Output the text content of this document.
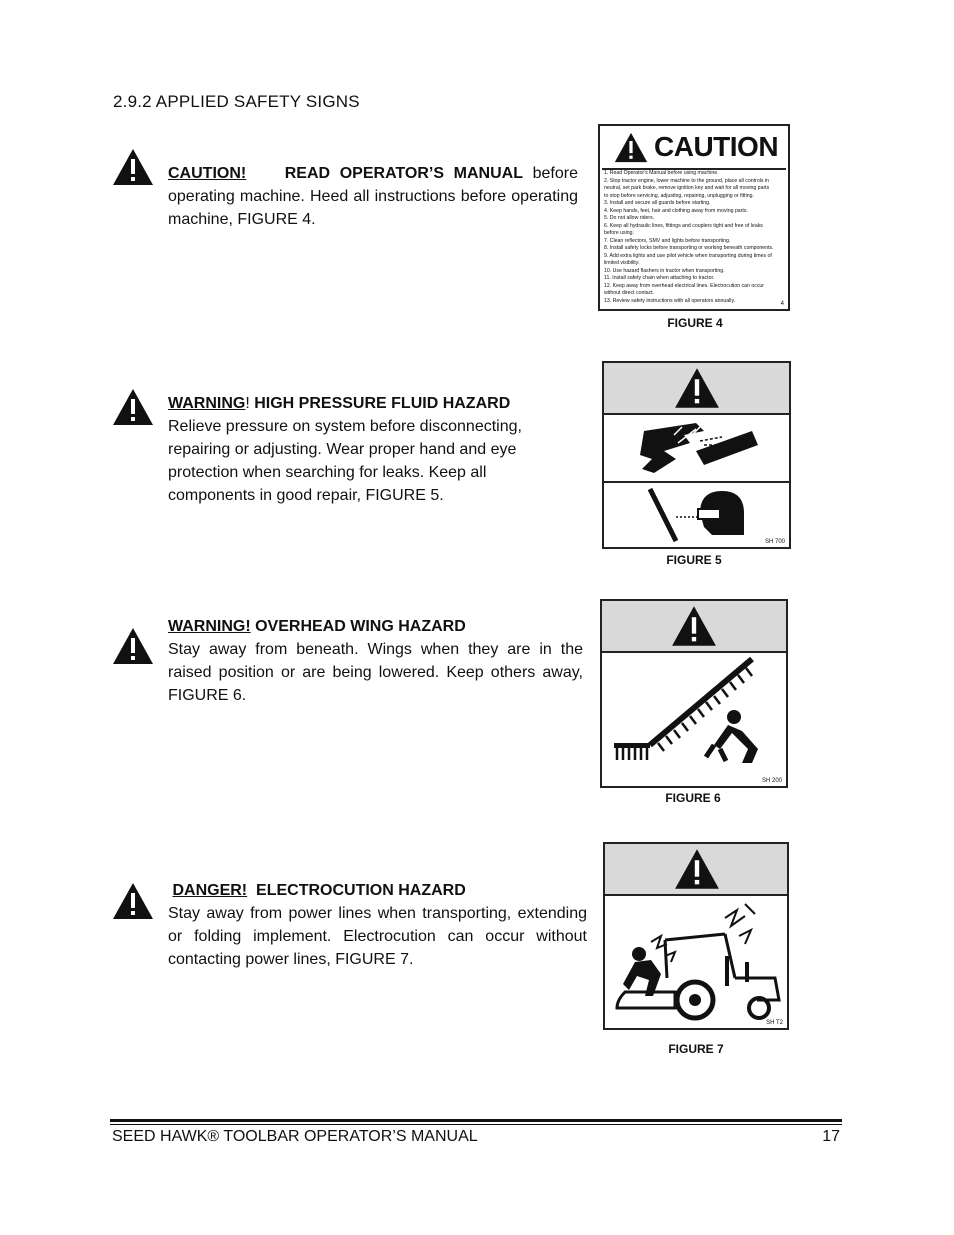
2.9.2 APPLIED SAFETY SIGNS
CAUTION! READ OPERATOR’S MANUAL before operating machine. Heed all instructions before operating machine, FIGURE 4.
CAUTION
1. Read Operator's Manual before using machine.
2. Stop tractor engine, lower machine to the ground, place all controls in
neutral, set park brake, remove ignition key and wait for all moving parts
to stop before servicing, adjusting, repairing, unplugging or fitting.
3. Install and secure all guards before starting.
4. Keep hands, feet, hair and clothing away from moving parts.
5. Do not allow riders.
6. Keep all hydraulic lines, fittings and couplers tight and free of leaks
before using.
7. Clean reflectors, SMV and lights before transporting.
8. Install safety locks before transporting or working beneath components.
9. Add extra lights and use pilot vehicle when transporting during times of
limited visibility.
10. Use hazard flashers in tractor when transporting.
11. Install safety chain when attaching to tractor.
12. Keep away from overhead electrical lines. Electrocution can occur
without direct contact.
13. Review safety instructions with all operators annually.
4
FIGURE 4
WARNING! HIGH PRESSURE FLUID HAZARD Relieve pressure on system before disconnecting, repairing or adjusting. Wear proper hand and eye protection when searching for leaks. Keep all components in good repair, FIGURE 5.
SH 700
FIGURE 5
WARNING! OVERHEAD WING HAZARD
Stay away from beneath. Wings when they are in the raised position or are being lowered. Keep others away, FIGURE 6.
SH 200
FIGURE 6
DANGER! ELECTROCUTION HAZARD
Stay away from power lines when transporting, extending or folding implement. Electrocution can occur without contacting power lines, FIGURE 7.
SH T2
FIGURE 7
SEED HAWK® TOOLBAR OPERATOR’S MANUAL	17
